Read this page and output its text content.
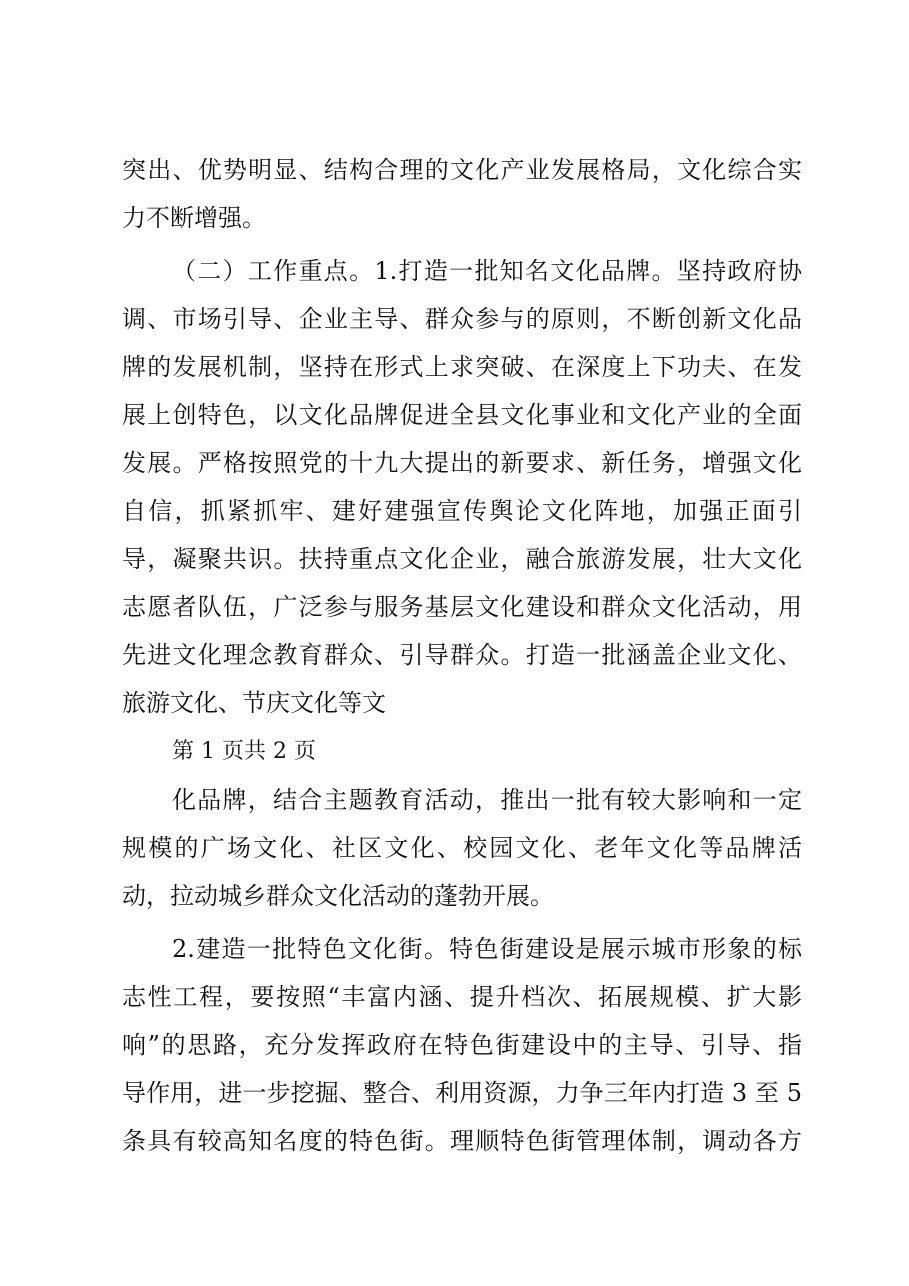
突出、优势明显、结构合理的文化产业发展格局，文化综合实
力不断增强。
（二）工作重点。1.打造一批知名文化品牌。坚持政府协
调、市场引导、企业主导、群众参与的原则，不断创新文化品
牌的发展机制，坚持在形式上求突破、在深度上下功夫、在发
展上创特色，以文化品牌促进全县文化事业和文化产业的全面
发展。严格按照党的十九大提出的新要求、新任务，增强文化
自信，抓紧抓牢、建好建强宣传舆论文化阵地，加强正面引
导，凝聚共识。扶持重点文化企业，融合旅游发展，壮大文化
志愿者队伍，广泛参与服务基层文化建设和群众文化活动，用
先进文化理念教育群众、引导群众。打造一批涵盖企业文化、
旅游文化、节庆文化等文
第 1 页共 2 页
化品牌，结合主题教育活动，推出一批有较大影响和一定
规模的广场文化、社区文化、校园文化、老年文化等品牌活
动，拉动城乡群众文化活动的蓬勃开展。
2.建造一批特色文化街。特色街建设是展示城市形象的标
志性工程，要按照“丰富内涵、提升档次、拓展规模、扩大影
响”的思路，充分发挥政府在特色街建设中的主导、引导、指
导作用，进一步挖掘、整合、利用资源，力争三年内打造 3 至 5
条具有较高知名度的特色街。理顺特色街管理体制，调动各方
